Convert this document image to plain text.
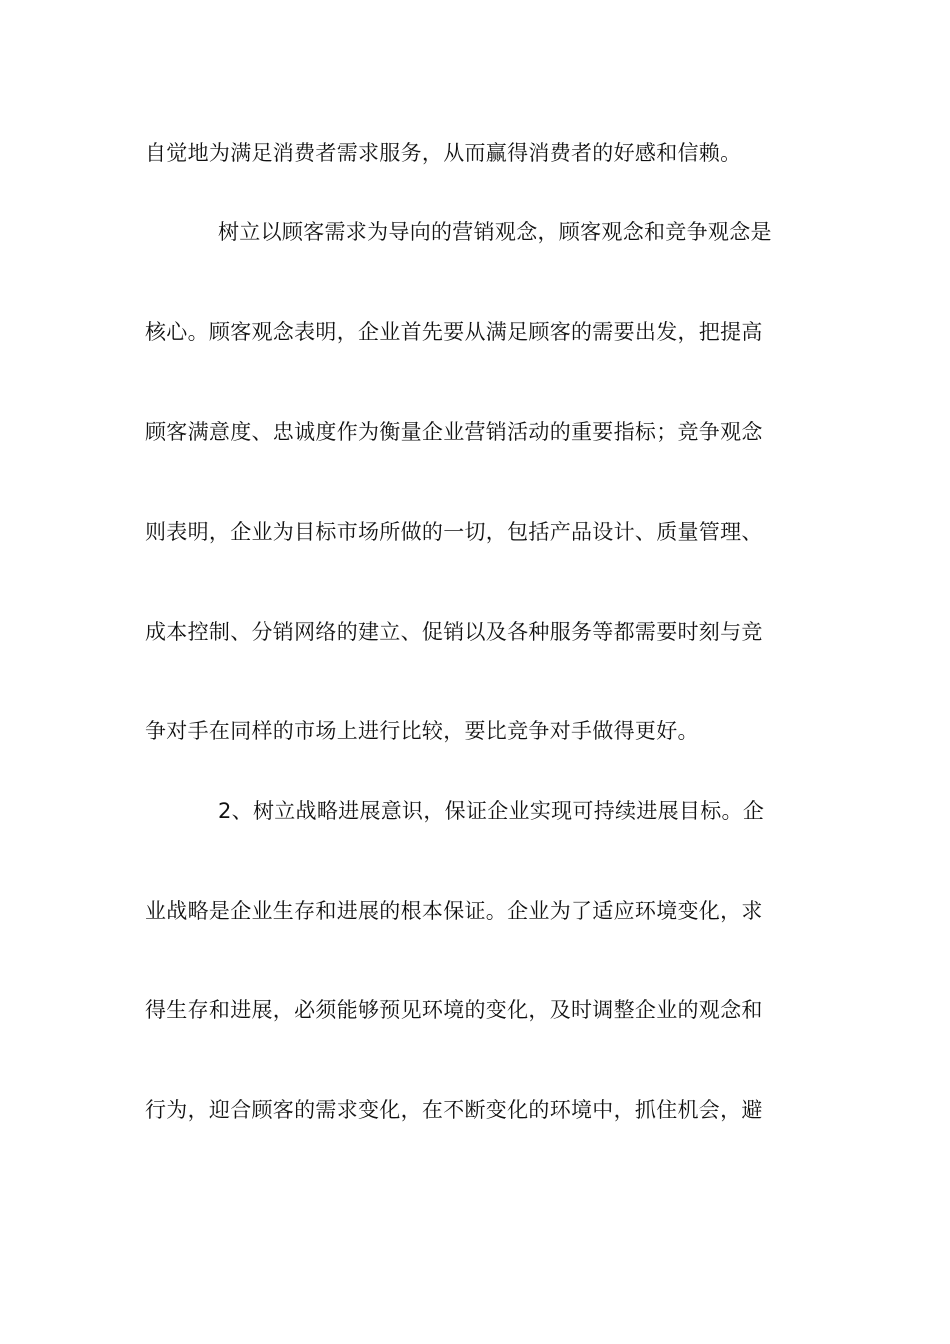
自觉地为满足消费者需求服务，从而赢得消费者的好感和信赖。
树立以顾客需求为导向的营销观念，顾客观念和竞争观念是
核心。顾客观念表明，企业首先要从满足顾客的需要出发，把提高
顾客满意度、忠诚度作为衡量企业营销活动的重要指标；竞争观念
则表明，企业为目标市场所做的一切，包括产品设计、质量管理、
成本控制、分销网络的建立、促销以及各种服务等都需要时刻与竞
争对手在同样的市场上进行比较，要比竞争对手做得更好。
2、树立战略进展意识，保证企业实现可持续进展目标。企
业战略是企业生存和进展的根本保证。企业为了适应环境变化，求
得生存和进展，必须能够预见环境的变化，及时调整企业的观念和
行为，迎合顾客的需求变化，在不断变化的环境中，抓住机会，避
